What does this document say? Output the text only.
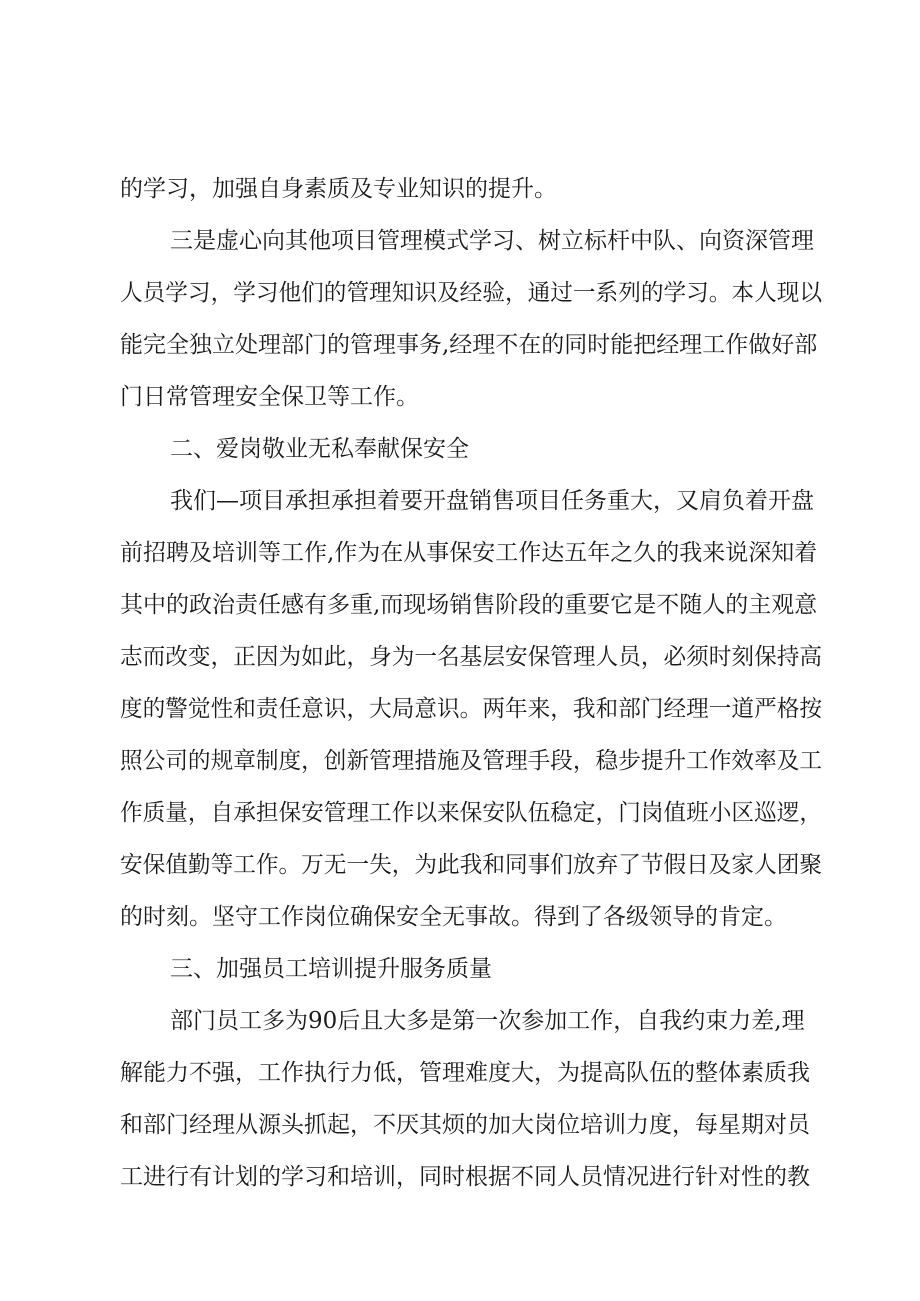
的学习，加强自身素质及专业知识的提升。
三是虚心向其他项目管理模式学习、树立标杆中队、向资深管理
人员学习，学习他们的管理知识及经验，通过一系列的学习。本人现以
能完全独立处理部门的管理事务,经理不在的同时能把经理工作做好部
门日常管理安全保卫等工作。
二、爱岗敬业无私奉献保安全
我们—项目承担承担着要开盘销售项目任务重大，又肩负着开盘
前招聘及培训等工作,作为在从事保安工作达五年之久的我来说深知着
其中的政治责任感有多重,而现场销售阶段的重要它是不随人的主观意
志而改变，正因为如此，身为一名基层安保管理人员，必须时刻保持高
度的警觉性和责任意识，大局意识。两年来，我和部门经理一道严格按
照公司的规章制度，创新管理措施及管理手段，稳步提升工作效率及工
作质量，自承担保安管理工作以来保安队伍稳定，门岗值班小区巡逻，
安保值勤等工作。万无一失，为此我和同事们放弃了节假日及家人团聚
的时刻。坚守工作岗位确保安全无事故。得到了各级领导的肯定。
三、加强员工培训提升服务质量
部门员工多为90后且大多是第一次参加工作，自我约束力差,理
解能力不强，工作执行力低，管理难度大，为提高队伍的整体素质我
和部门经理从源头抓起，不厌其烦的加大岗位培训力度，每星期对员
工进行有计划的学习和培训，同时根据不同人员情况进行针对性的教
